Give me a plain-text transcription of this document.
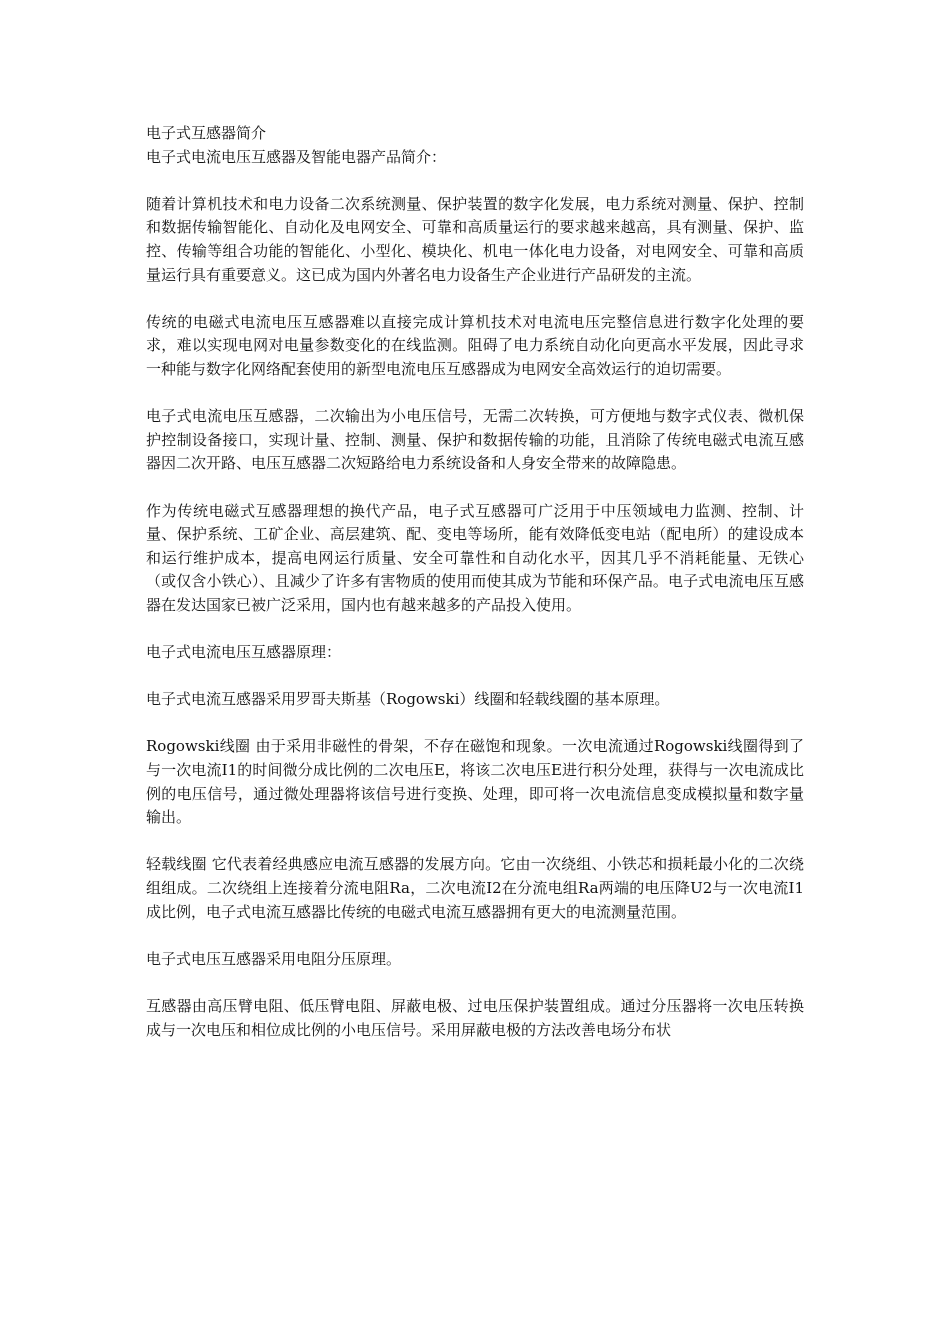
电子式互感器简介

电子式电流电压互感器及智能电器产品简介：

随着计算机技术和电力设备二次系统测量、保护装置的数字化发展，电力系统对测量、保护、控制和数据传输智能化、自动化及电网安全、可靠和高质量运行的要求越来越高，具有测量、保护、监控、传输等组合功能的智能化、小型化、模块化、机电一体化电力设备，对电网安全、可靠和高质量运行具有重要意义。这已成为国内外著名电力设备生产企业进行产品研发的主流。

传统的电磁式电流电压互感器难以直接完成计算机技术对电流电压完整信息进行数字化处理的要求，难以实现电网对电量参数变化的在线监测。阻碍了电力系统自动化向更高水平发展，因此寻求一种能与数字化网络配套使用的新型电流电压互感器成为电网安全高效运行的迫切需要。

电子式电流电压互感器，二次输出为小电压信号，无需二次转换，可方便地与数字式仪表、微机保护控制设备接口，实现计量、控制、测量、保护和数据传输的功能，且消除了传统电磁式电流互感器因二次开路、电压互感器二次短路给电力系统设备和人身安全带来的故障隐患。

作为传统电磁式互感器理想的换代产品，电子式互感器可广泛用于中压领域电力监测、控制、计量、保护系统、工矿企业、高层建筑、配、变电等场所，能有效降低变电站（配电所）的建设成本和运行维护成本，提高电网运行质量、安全可靠性和自动化水平，因其几乎不消耗能量、无铁心（或仅含小铁心）、且减少了许多有害物质的使用而使其成为节能和环保产品。电子式电流电压互感器在发达国家已被广泛采用，国内也有越来越多的产品投入使用。

电子式电流电压互感器原理：

电子式电流互感器采用罗哥夫斯基（Rogowski）线圈和轻载线圈的基本原理。

Rogowski线圈 由于采用非磁性的骨架，不存在磁饱和现象。一次电流通过Rogowski线圈得到了与一次电流I1的时间微分成比例的二次电压E，将该二次电压E进行积分处理，获得与一次电流成比例的电压信号，通过微处理器将该信号进行变换、处理，即可将一次电流信息变成模拟量和数字量输出。

轻载线圈 它代表着经典感应电流互感器的发展方向。它由一次绕组、小铁芯和损耗最小化的二次绕组组成。二次绕组上连接着分流电阻Ra，二次电流I2在分流电组Ra两端的电压降U2与一次电流I1成比例，电子式电流互感器比传统的电磁式电流互感器拥有更大的电流测量范围。

电子式电压互感器采用电阻分压原理。

互感器由高压臂电阻、低压臂电阻、屏蔽电极、过电压保护装置组成。通过分压器将一次电压转换成与一次电压和相位成比例的小电压信号。采用屏蔽电极的方法改善电场分布状
